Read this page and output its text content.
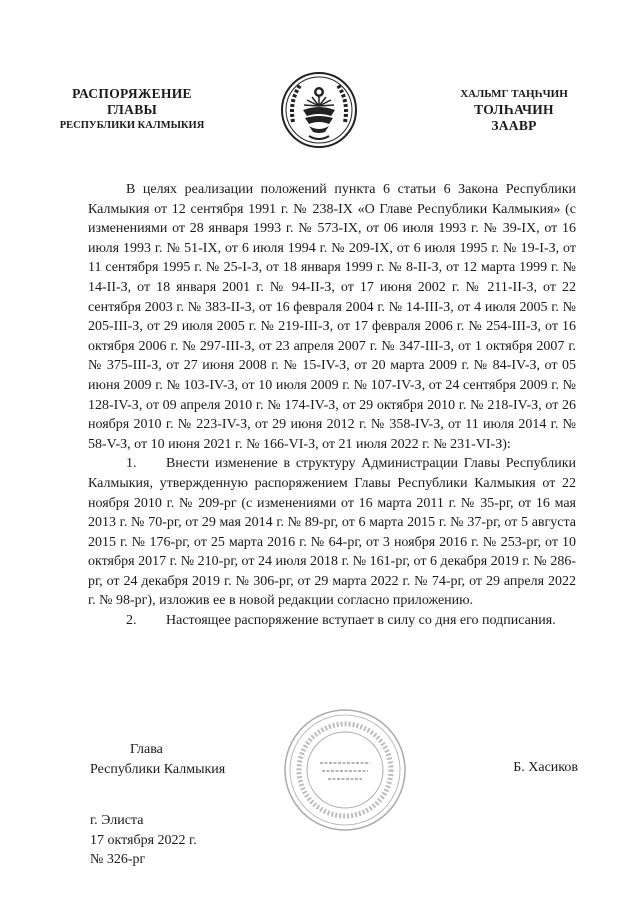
РАСПОРЯЖЕНИЕ
ГЛАВЫ
РЕСПУБЛИКИ КАЛМЫКИЯ
ХАЛЬМГ ТАҢҺЧИН
ТОЛҺАЧИН
ЗААВР

В целях реализации положений пункта 6 статьи 6 Закона Республики Калмыкия от 12 сентября 1991 г. № 238-IX «О Главе Республики Калмыкия» (с изменениями от 28 января 1993 г. № 573-IX, от 06 июля 1993 г. № 39-IX, от 16 июля 1993 г. № 51-IX, от 6 июля 1994 г. № 209-IX, от 6 июля 1995 г. № 19-I-З, от 11 сентября 1995 г. № 25-I-З, от 18 января 1999 г. № 8-II-З, от 12 марта 1999 г. № 14-II-З, от 18 января 2001 г. № 94-II-З, от 17 июня 2002 г. № 211-II-З, от 22 сентября 2003 г. № 383-II-З, от 16 февраля 2004 г. № 14-III-З, от 4 июля 2005 г. № 205-III-З, от 29 июля 2005 г. № 219-III-З, от 17 февраля 2006 г. № 254-III-З, от 16 октября 2006 г. № 297-III-З, от 23 апреля 2007 г. № 347-III-З, от 1 октября 2007 г. № 375-III-З, от 27 июня 2008 г. № 15-IV-З, от 20 марта 2009 г. № 84-IV-З, от 05 июня 2009 г. № 103-IV-З, от 10 июля 2009 г. № 107-IV-З, от 24 сентября 2009 г. № 128-IV-З, от 09 апреля 2010 г. № 174-IV-З, от 29 октября 2010 г. № 218-IV-З, от 26 ноября 2010 г. № 223-IV-З, от 29 июня 2012 г. № 358-IV-З, от 11 июля 2014 г. № 58-V-З, от 10 июня 2021 г. № 166-VI-З, от 21 июля 2022 г. № 231-VI-З):

1. Внести изменение в структуру Администрации Главы Республики Калмыкия, утвержденную распоряжением Главы Республики Калмыкия от 22 ноября 2010 г. № 209-рг (с изменениями от 16 марта 2011 г. № 35-рг, от 16 мая 2013 г. № 70-рг, от 29 мая 2014 г. № 89-рг, от 6 марта 2015 г. № 37-рг, от 5 августа 2015 г. № 176-рг, от 25 марта 2016 г. № 64-рг, от 3 ноября 2016 г. № 253-рг, от 10 октября 2017 г. № 210-рг, от 24 июля 2018 г. № 161-рг, от 6 декабря 2019 г. № 286-рг, от 24 декабря 2019 г. № 306-рг, от 29 марта 2022 г. № 74-рг, от 29 апреля 2022 г. № 98-рг), изложив ее в новой редакции согласно приложению.

2. Настоящее распоряжение вступает в силу со дня его подписания.

Глава
Республики Калмыкия	Б. Хасиков
г. Элиста
17 октября 2022 г.
№ 326-рг
